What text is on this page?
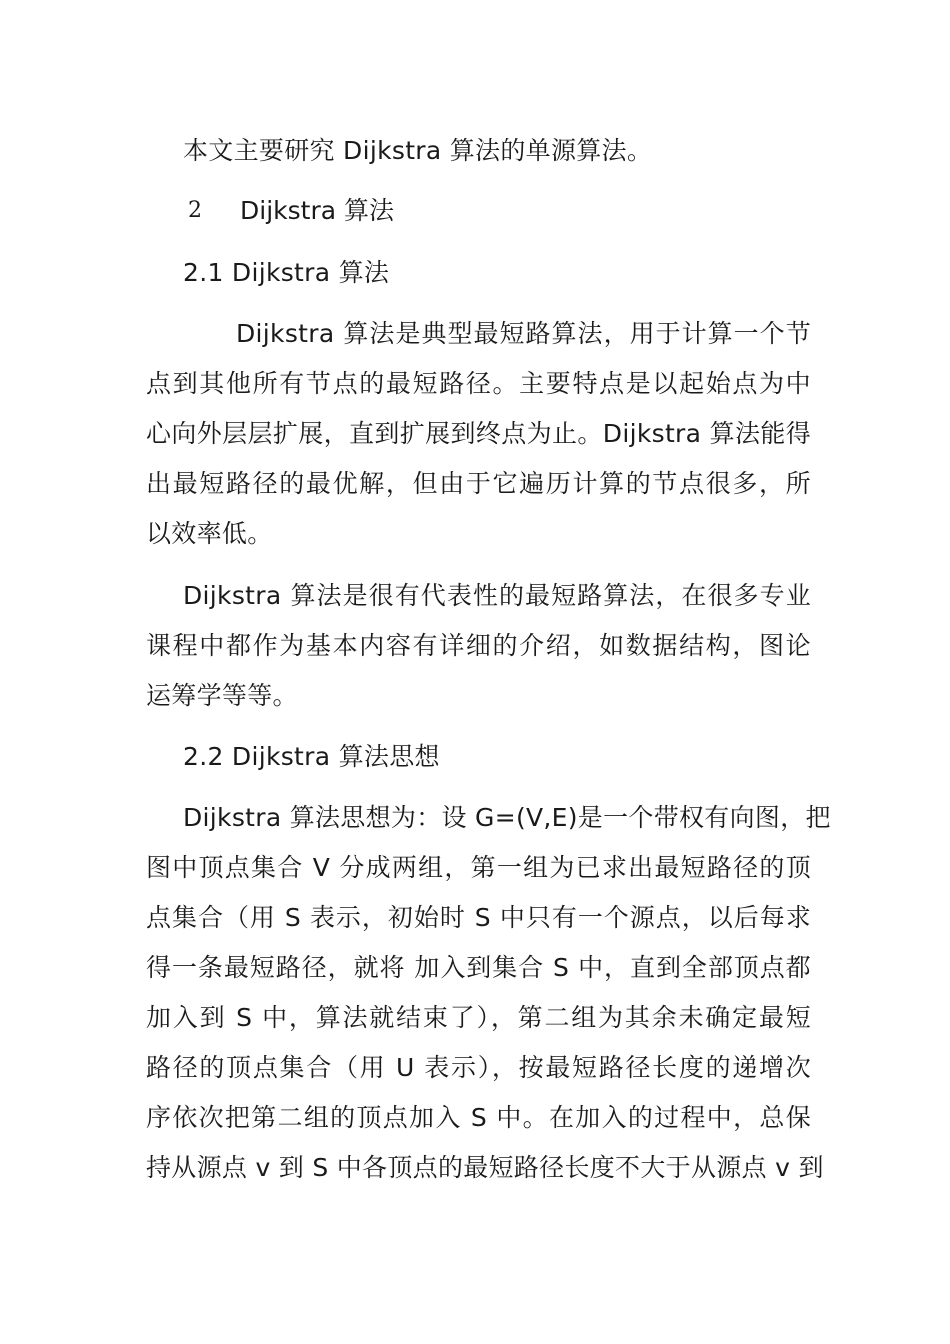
本文主要研究 Dijkstra 算法的单源算法。
2 Dijkstra 算法
2.1 Dijkstra 算法
Dijkstra 算法是典型最短路算法，用于计算一个节
点到其他所有节点的最短路径。主要特点是以起始点为中
心向外层层扩展，直到扩展到终点为止。Dijkstra 算法能得
出最短路径的最优解，但由于它遍历计算的节点很多，所
以效率低。
Dijkstra 算法是很有代表性的最短路算法，在很多专业
课程中都作为基本内容有详细的介绍，如数据结构，图论
运筹学等等。
2.2 Dijkstra 算法思想
Dijkstra 算法思想为：设 G=(V,E)是一个带权有向图，把
图中顶点集合 V 分成两组，第一组为已求出最短路径的顶
点集合（用 S 表示，初始时 S 中只有一个源点，以后每求
得一条最短路径，就将 加入到集合 S 中，直到全部顶点都
加入到 S 中，算法就结束了），第二组为其余未确定最短
路径的顶点集合（用 U 表示），按最短路径长度的递增次
序依次把第二组的顶点加入 S 中。在加入的过程中，总保
持从源点 v 到 S 中各顶点的最短路径长度不大于从源点 v 到
